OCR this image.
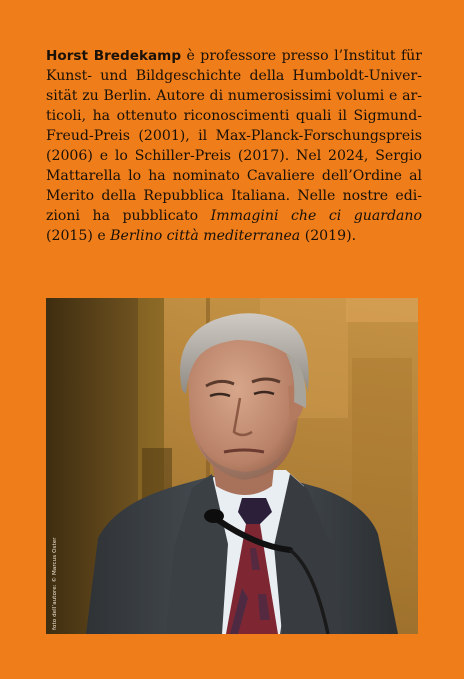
Horst Bredekamp è professore presso l’Institut für Kunst- und Bildgeschichte della Humboldt-Universität zu Berlin. Autore di numerosissimi volumi e articoli, ha ottenuto riconoscimenti quali il Sigmund-Freud-Preis (2001), il Max-Planck-Forschungspreis (2006) e lo Schiller-Preis (2017). Nel 2024, Sergio Mattarella lo ha nominato Cavaliere dell’Ordine al Merito della Repubblica Italiana. Nelle nostre edizioni ha pubblicato Immagini che ci guardano (2015) e Berlino città mediterranea (2019).

foto dell’autore: © Marcus Oster
